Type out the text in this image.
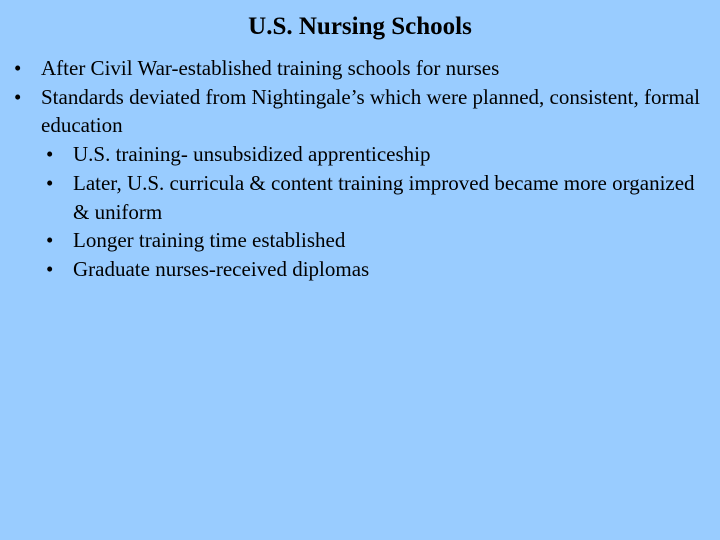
U.S. Nursing Schools
• After Civil War-established training schools for nurses
• Standards deviated from Nightingale’s which were planned, consistent, formal education
• U.S. training- unsubsidized apprenticeship
• Later, U.S. curricula & content training improved became more organized & uniform
• Longer training time established
• Graduate nurses-received diplomas
